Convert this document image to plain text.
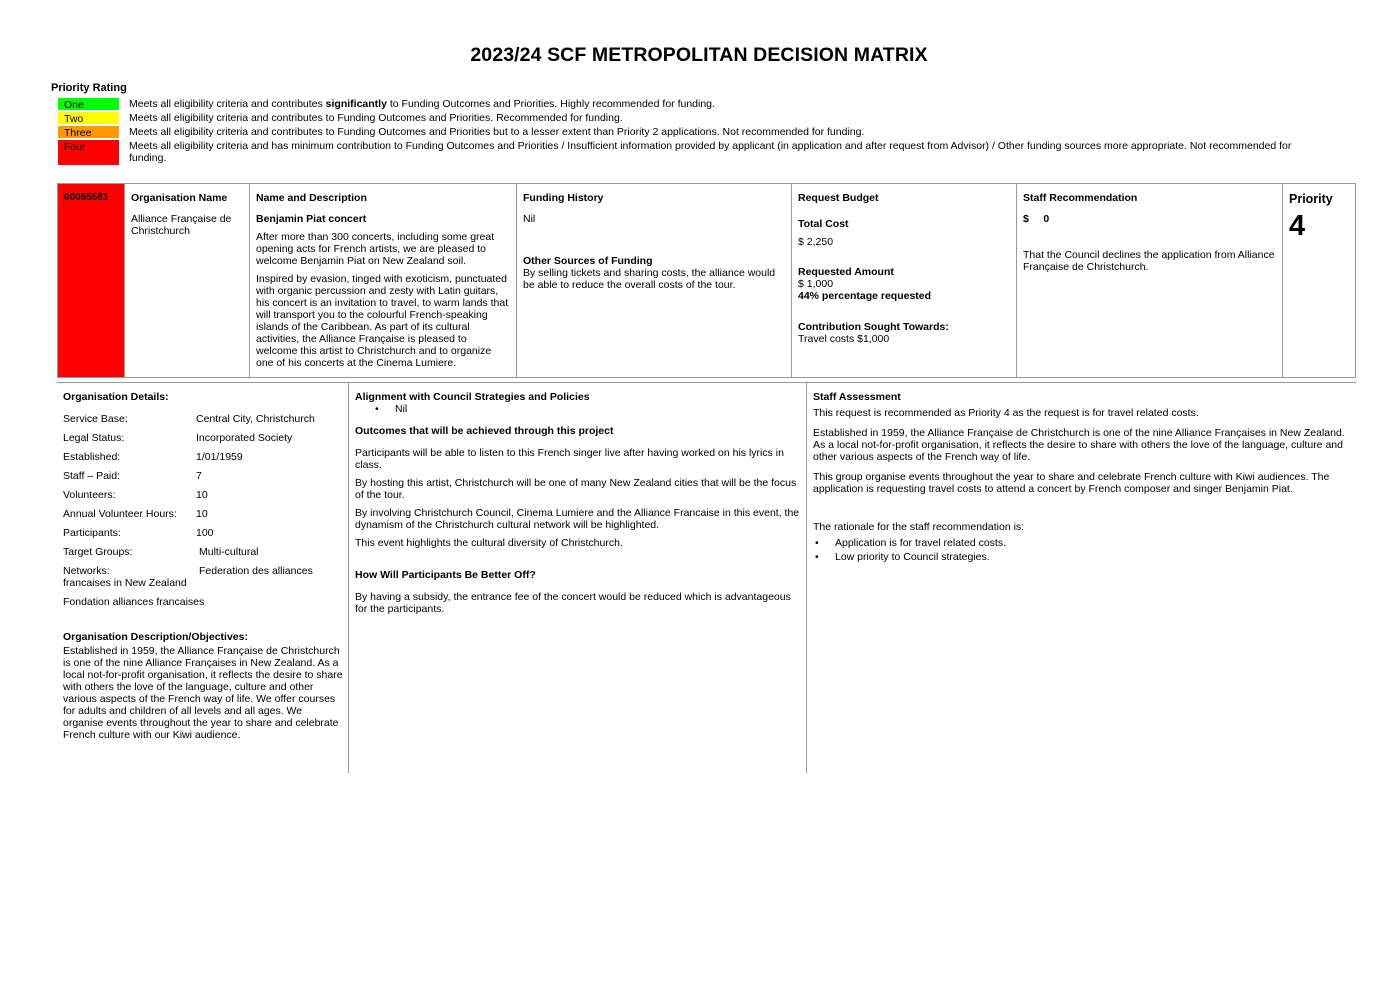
2023/24 SCF METROPOLITAN DECISION MATRIX
Priority Rating
One	Meets all eligibility criteria and contributes significantly to Funding Outcomes and Priorities. Highly recommended for funding.
Two	Meets all eligibility criteria and contributes to Funding Outcomes and Priorities. Recommended for funding.
Three	Meets all eligibility criteria and contributes to Funding Outcomes and Priorities but to a lesser extent than Priority 2 applications. Not recommended for funding.
Four	Meets all eligibility criteria and has minimum contribution to Funding Outcomes and Priorities / Insufficient information provided by applicant (in application and after request from Advisor) / Other funding sources more appropriate. Not recommended for funding.
00065581	Organisation Name
Alliance Française de Christchurch

Name and Description
Benjamin Piat concert
After more than 300 concerts, including some great opening acts for French artists, we are pleased to welcome Benjamin Piat on New Zealand soil.
Inspired by evasion, tinged with exoticism, punctuated with organic percussion and zesty with Latin guitars, his concert is an invitation to travel, to warm lands that will transport you to the colourful French-speaking islands of the Caribbean. As part of its cultural activities, the Alliance Française is pleased to welcome this artist to Christchurch and to organize one of his concerts at the Cinema Lumiere.

Funding History
Nil
Other Sources of Funding
By selling tickets and sharing costs, the alliance would be able to reduce the overall costs of the tour.

Request Budget
Total Cost
$ 2,250
Requested Amount
$ 1,000
44% percentage requested
Contribution Sought Towards:
Travel costs $1,000

Staff Recommendation
$     0
That the Council declines the application from Alliance Française de Christchurch.

Priority
4
Organisation Details:
Service Base:	Central City, Christchurch
Legal Status:	Incorporated Society
Established:	1/01/1959
Staff – Paid:	7
Volunteers:	10
Annual Volunteer Hours:	10
Participants:	100
Target Groups:	Multi-cultural
Networks:	Federation des alliances
francaises in New Zealand
Fondation alliances francaises
Organisation Description/Objectives:
Established in 1959, the Alliance Française de Christchurch is one of the nine Alliance Françaises in New Zealand. As a local not-for-profit organisation, it reflects the desire to share with others the love of the language, culture and other various aspects of the French way of life. We offer courses for adults and children of all levels and all ages. We organise events throughout the year to share and celebrate French culture with our Kiwi audience.
Alignment with Council Strategies and Policies
•	Nil
Outcomes that will be achieved through this project
Participants will be able to listen to this French singer live after having worked on his lyrics in class.
By hosting this artist, Christchurch will be one of many New Zealand cities that will be the focus of the tour.
By involving Christchurch Council, Cinema Lumiere and the Alliance Francaise in this event, the dynamism of the Christchurch cultural network will be highlighted.
This event highlights the cultural diversity of Christchurch.
How Will Participants Be Better Off?
By having a subsidy, the entrance fee of the concert would be reduced which is advantageous for the participants.
Staff Assessment
This request is recommended as Priority 4 as the request is for travel related costs.
Established in 1959, the Alliance Française de Christchurch is one of the nine Alliance Françaises in New Zealand. As a local not-for-profit organisation, it reflects the desire to share with others the love of the language, culture and other various aspects of the French way of life.
This group organise events throughout the year to share and celebrate French culture with Kiwi audiences. The application is requesting travel costs to attend a concert by French composer and singer Benjamin Piat.
The rationale for the staff recommendation is:
•	Application is for travel related costs.
•	Low priority to Council strategies.
